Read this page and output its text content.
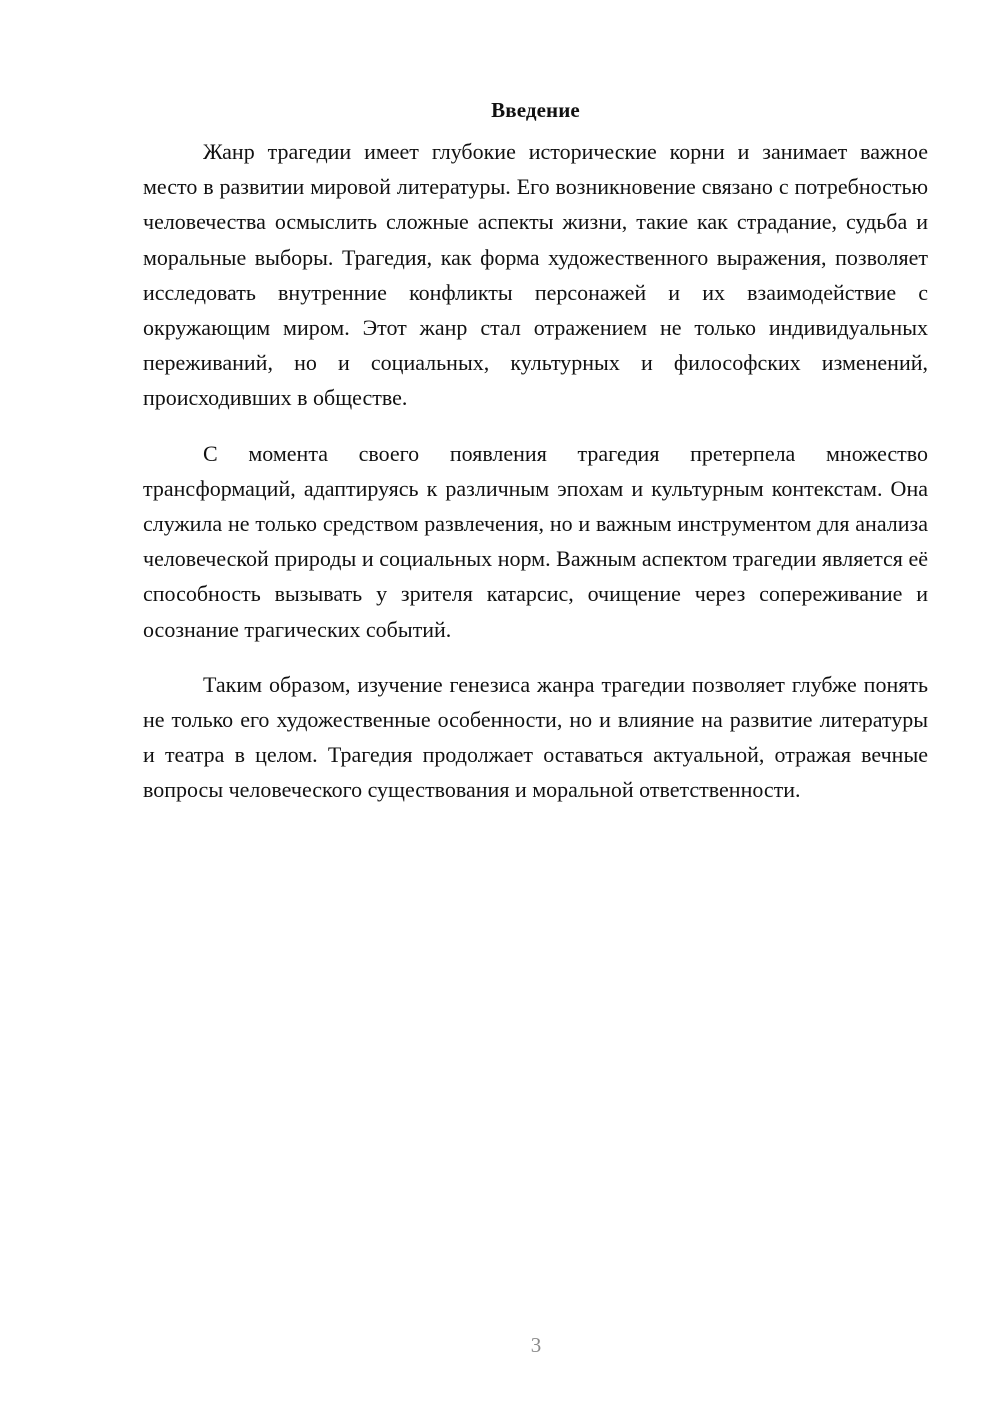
Введение

Жанр трагедии имеет глубокие исторические корни и занимает важное место в развитии мировой литературы. Его возникновение связано с потребностью человечества осмыслить сложные аспекты жизни, такие как страдание, судьба и моральные выборы. Трагедия, как форма художественного выражения, позволяет исследовать внутренние конфликты персонажей и их взаимодействие с окружающим миром. Этот жанр стал отражением не только индивидуальных переживаний, но и социальных, культурных и философских изменений, происходивших в обществе.

С момента своего появления трагедия претерпела множество трансформаций, адаптируясь к различным эпохам и культурным контекстам. Она служила не только средством развлечения, но и важным инструментом для анализа человеческой природы и социальных норм. Важным аспектом трагедии является её способность вызывать у зрителя катарсис, очищение через сопереживание и осознание трагических событий.

Таким образом, изучение генезиса жанра трагедии позволяет глубже понять не только его художественные особенности, но и влияние на развитие литературы и театра в целом. Трагедия продолжает оставаться актуальной, отражая вечные вопросы человеческого существования и моральной ответственности.

3
